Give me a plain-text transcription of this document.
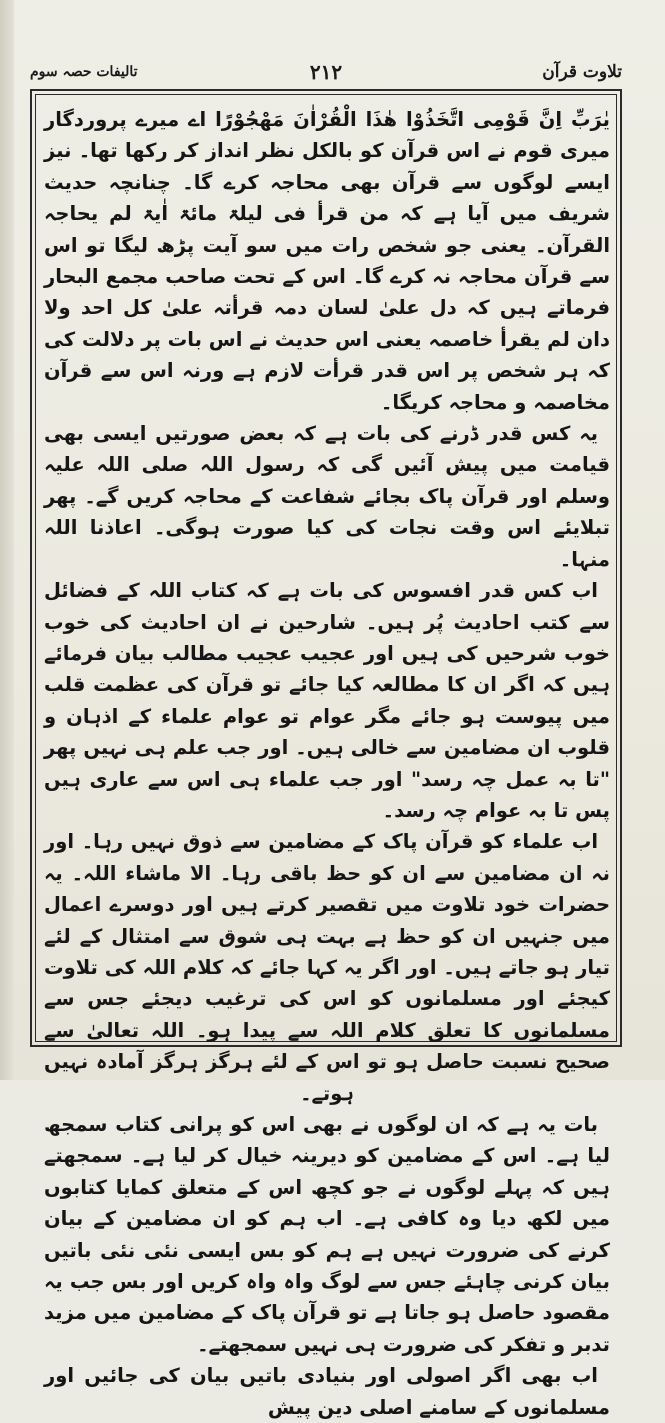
تلاوت قرآن
٢١٢
تالیفات حصہ سوم

یٰرَبِّ اِنَّ قَوْمِی اتَّخَذُوْا ھٰذَا الْقُرْاٰنَ مَھْجُوْرًا اے میرے پروردگار میری قوم نے اس قرآن کو بالکل نظر انداز کر رکھا تھا۔ نیز ایسے لوگوں سے قرآن بھی محاجہ کرے گا۔ چنانچہ حدیث شریف میں آیا ہے کہ من قرأ فی لیلۃ مائۃ اٰیۃ لم یحاجہ القرآن۔ یعنی جو شخص رات میں سو آیت پڑھ لیگا تو اس سے قرآن محاجہ نہ کرے گا۔ اس کے تحت صاحب مجمع البحار فرماتے ہیں کہ دل علیٰ لسان دمہ قرأتہ علیٰ کل احد ولا دان لم یقرأ خاصمہ یعنی اس حدیث نے اس بات پر دلالت کی کہ ہر شخص پر اس قدر قرأت لازم ہے ورنہ اس سے قرآن مخاصمہ و محاجہ کریگا۔

یہ کس قدر ڈرنے کی بات ہے کہ بعض صورتیں ایسی بھی قیامت میں پیش آئیں گی کہ رسول اللہ صلی اللہ علیہ وسلم اور قرآن پاک بجائے شفاعت کے محاجہ کریں گے۔ پھر تبلایئے اس وقت نجات کی کیا صورت ہوگی۔ اعاذنا اللہ منہا۔

اب کس قدر افسوس کی بات ہے کہ کتاب اللہ کے فضائل سے کتب احادیث پُر ہیں۔ شارحین نے ان احادیث کی خوب خوب شرحیں کی ہیں اور عجیب عجیب مطالب بیان فرمائے ہیں کہ اگر ان کا مطالعہ کیا جائے تو قرآن کی عظمت قلب میں پیوست ہو جائے مگر عوام تو عوام علماء کے اذہان و قلوب ان مضامین سے خالی ہیں۔ اور جب علم ہی نہیں پھر "تا بہ عمل چہ رسد" اور جب علماء ہی اس سے عاری ہیں پس تا بہ عوام چہ رسد۔

اب علماء کو قرآن پاک کے مضامین سے ذوق نہیں رہا۔ اور نہ ان مضامین سے ان کو حظ باقی رہا۔ الا ماشاء اللہ۔ یہ حضرات خود تلاوت میں تقصیر کرتے ہیں اور دوسرے اعمال میں جنہیں ان کو حظ ہے بہت ہی شوق سے امتثال کے لئے تیار ہو جاتے ہیں۔ اور اگر یہ کہا جائے کہ کلام اللہ کی تلاوت کیجئے اور مسلمانوں کو اس کی ترغیب دیجئے جس سے مسلمانوں کا تعلق کلام اللہ سے پیدا ہو۔ اللہ تعالیٰ سے صحیح نسبت حاصل ہو تو اس کے لئے ہرگز ہرگز آمادہ نہیں ہوتے۔

بات یہ ہے کہ ان لوگوں نے بھی اس کو پرانی کتاب سمجھ لیا ہے۔ اس کے مضامین کو دیرینہ خیال کر لیا ہے۔ سمجھتے ہیں کہ پہلے لوگوں نے جو کچھ اس کے متعلق کمایا کتابوں میں لکھ دیا وہ کافی ہے۔ اب ہم کو ان مضامین کے بیان کرنے کی ضرورت نہیں ہے ہم کو بس ایسی نئی نئی باتیں بیان کرنی چاہئے جس سے لوگ واہ واہ کریں اور بس جب یہ مقصود حاصل ہو جاتا ہے تو قرآن پاک کے مضامین میں مزید تدبر و تفکر کی ضرورت ہی نہیں سمجھتے۔

اب بھی اگر اصولی اور بنیادی باتیں بیان کی جائیں اور مسلمانوں کے سامنے اصلی دین پیش
